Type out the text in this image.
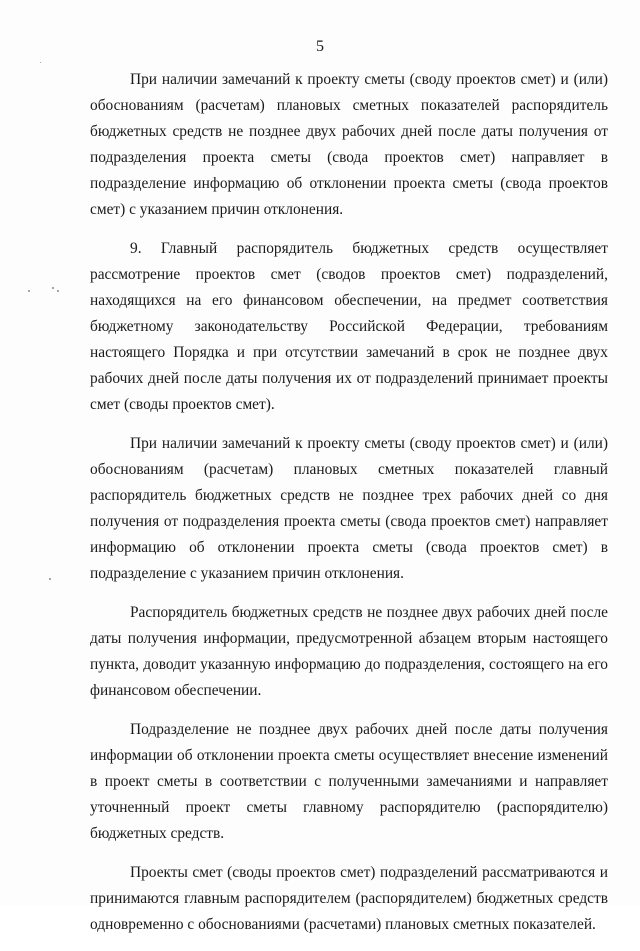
5

При наличии замечаний к проекту сметы (своду проектов смет) и (или) обоснованиям (расчетам) плановых сметных показателей распорядитель бюджетных средств не позднее двух рабочих дней после даты получения от подразделения проекта сметы (свода проектов смет) направляет в подразделение информацию об отклонении проекта сметы (свода проектов смет) с указанием причин отклонения.

9. Главный распорядитель бюджетных средств осуществляет рассмотрение проектов смет (сводов проектов смет) подразделений, находящихся на его финансовом обеспечении, на предмет соответствия бюджетному законодательству Российской Федерации, требованиям настоящего Порядка и при отсутствии замечаний в срок не позднее двух рабочих дней после даты получения их от подразделений принимает проекты смет (своды проектов смет).

При наличии замечаний к проекту сметы (своду проектов смет) и (или) обоснованиям (расчетам) плановых сметных показателей главный распорядитель бюджетных средств не позднее трех рабочих дней со дня получения от подразделения проекта сметы (свода проектов смет) направляет информацию об отклонении проекта сметы (свода проектов смет) в подразделение с указанием причин отклонения.

Распорядитель бюджетных средств не позднее двух рабочих дней после даты получения информации, предусмотренной абзацем вторым настоящего пункта, доводит указанную информацию до подразделения, состоящего на его финансовом обеспечении.

Подразделение не позднее двух рабочих дней после даты получения информации об отклонении проекта сметы осуществляет внесение изменений в проект сметы в соответствии с полученными замечаниями и направляет уточненный проект сметы главному распорядителю (распорядителю) бюджетных средств.

Проекты смет (своды проектов смет) подразделений рассматриваются и принимаются главным распорядителем (распорядителем) бюджетных средств одновременно с обоснованиями (расчетами) плановых сметных показателей.
